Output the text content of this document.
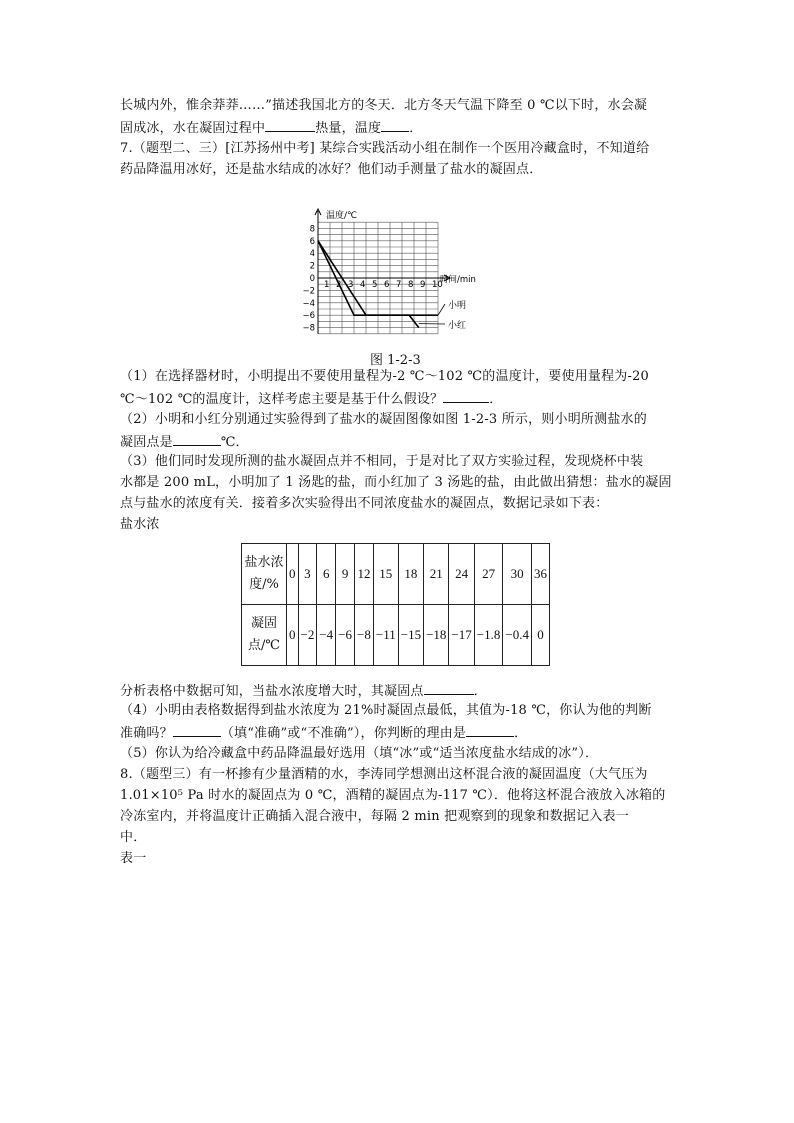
长城内外，惟余莽莽……”描述我国北方的冬天．北方冬天气温下降至 0 ℃以下时，水会凝
固成冰，水在凝固过程中	热量，温度 ．
7.（题型二、三）[江苏扬州中考] 某综合实践活动小组在制作一个医用冷藏盒时，不知道给
药品降温用冰好，还是盐水结成的冰好？他们动手测量了盐水的凝固点．
1 2 3 4 5 6 7 8 9 10
8
6
4
2
0
−2
−4
−6
−8
温度/℃
时间/min
小明
小红
图 1-2-3
（1）在选择器材时，小明提出不要使用量程为-2 ℃～102 ℃的温度计，要使用量程为-20
℃～102 ℃的温度计，这样考虑主要是基于什么假设？	．
（2）小明和小红分别通过实验得到了盐水的凝固图像如图 1-2-3 所示，则小明所测盐水的
凝固点是	℃．
（3）他们同时发现所测的盐水凝固点并不相同，于是对比了双方实验过程，发现烧杯中装
水都是 200 mL，小明加了 1 汤匙的盐，而小红加了 3 汤匙的盐，由此做出猜想：盐水的凝固
点与盐水的浓度有关．接着多次实验得出不同浓度盐水的凝固点，数据记录如下表：
盐水浓
盐水浓度/%	0	3	6	9	12	15	18	21	24	27	30	36
凝固点/℃	0	−2	−4	−6	−8	−11	−15	−18	−17	−1.8	−0.4	0
分析表格中数据可知，当盐水浓度增大时，其凝固点	．
（4）小明由表格数据得到盐水浓度为 21%时凝固点最低，其值为-18 ℃，你认为他的判断
准确吗？	（填“准确”或“不准确”），你判断的理由是	．
（5）你认为给冷藏盒中药品降温最好选用（填“冰”或“适当浓度盐水结成的冰”）．
8.（题型三）有一杯掺有少量酒精的水，李涛同学想测出这杯混合液的凝固温度（大气压为
1.01×10⁵ Pa 时水的凝固点为 0 ℃，酒精的凝固点为-117 ℃）．他将这杯混合液放入冰箱的
冷冻室内，并将温度计正确插入混合液中，每隔 2 min 把观察到的现象和数据记入表一
中．
表一
